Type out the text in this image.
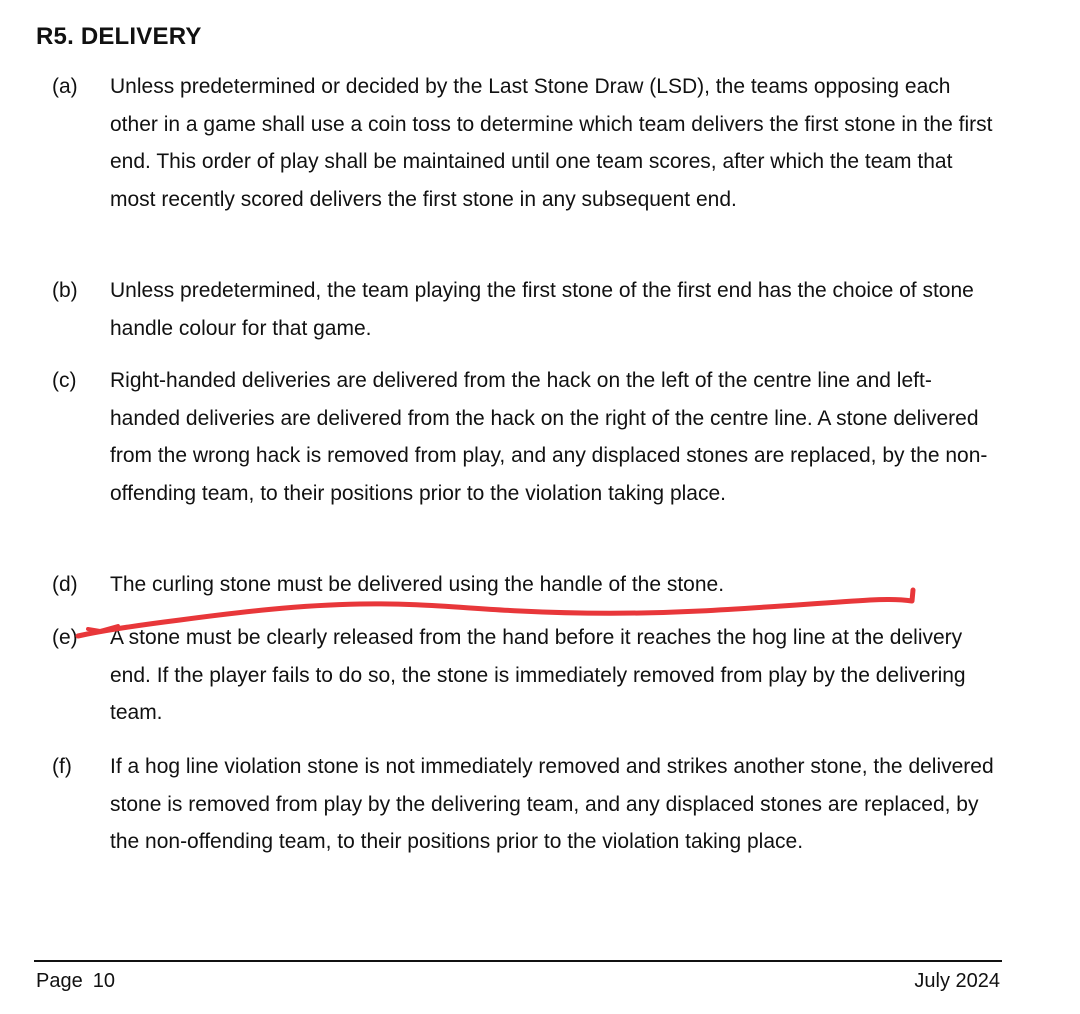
R5. DELIVERY
(a) Unless predetermined or decided by the Last Stone Draw (LSD), the teams opposing each other in a game shall use a coin toss to determine which team delivers the first stone in the first end. This order of play shall be maintained until one team scores, after which the team that most recently scored delivers the first stone in any subsequent end.
(b) Unless predetermined, the team playing the first stone of the first end has the choice of stone handle colour for that game.
(c) Right-handed deliveries are delivered from the hack on the left of the centre line and left-handed deliveries are delivered from the hack on the right of the centre line. A stone delivered from the wrong hack is removed from play, and any displaced stones are replaced, by the non-offending team, to their positions prior to the violation taking place.
(d) The curling stone must be delivered using the handle of the stone.
(e) A stone must be clearly released from the hand before it reaches the hog line at the delivery end. If the player fails to do so, the stone is immediately removed from play by the delivering team.
(f) If a hog line violation stone is not immediately removed and strikes another stone, the delivered stone is removed from play by the delivering team, and any displaced stones are replaced, by the non-offending team, to their positions prior to the violation taking place.
Page 10	July 2024
